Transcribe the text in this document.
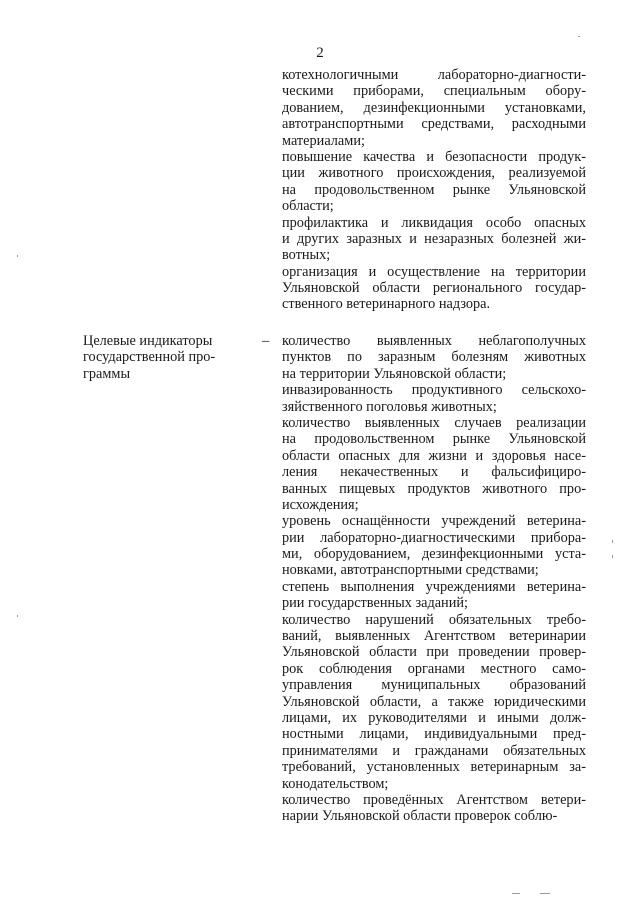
2
котехнологичными лабораторно-диагности-
ческими приборами, специальным обору-
дованием, дезинфекционными установками,
автотранспортными средствами, расходными
материалами;
повышение качества и безопасности продук-
ции животного происхождения, реализуемой
на продовольственном рынке Ульяновской
области;
профилактика и ликвидация особо опасных
и других заразных и незаразных болезней жи-
вотных;
организация и осуществление на территории
Ульяновской области регионального государ-
ственного ветеринарного надзора.
Целевые индикаторы
государственной про-
граммы
– количество выявленных неблагополучных
пунктов по заразным болезням животных
на территории Ульяновской области;
инвазированность продуктивного сельскохо-
зяйственного поголовья животных;
количество выявленных случаев реализации
на продовольственном рынке Ульяновской
области опасных для жизни и здоровья насе-
ления некачественных и фальсифициро-
ванных пищевых продуктов животного про-
исхождения;
уровень оснащённости учреждений ветерина-
рии лабораторно-диагностическими прибора-
ми, оборудованием, дезинфекционными уста-
новками, автотранспортными средствами;
степень выполнения учреждениями ветерина-
рии государственных заданий;
количество нарушений обязательных требо-
ваний, выявленных Агентством ветеринарии
Ульяновской области при проведении провер-
рок соблюдения органами местного само-
управления муниципальных образований
Ульяновской области, а также юридическими
лицами, их руководителями и иными долж-
ностными лицами, индивидуальными пред-
принимателями и гражданами обязательных
требований, установленных ветеринарным за-
конодательством;
количество проведённых Агентством ветери-
нарии Ульяновской области проверок соблю-
